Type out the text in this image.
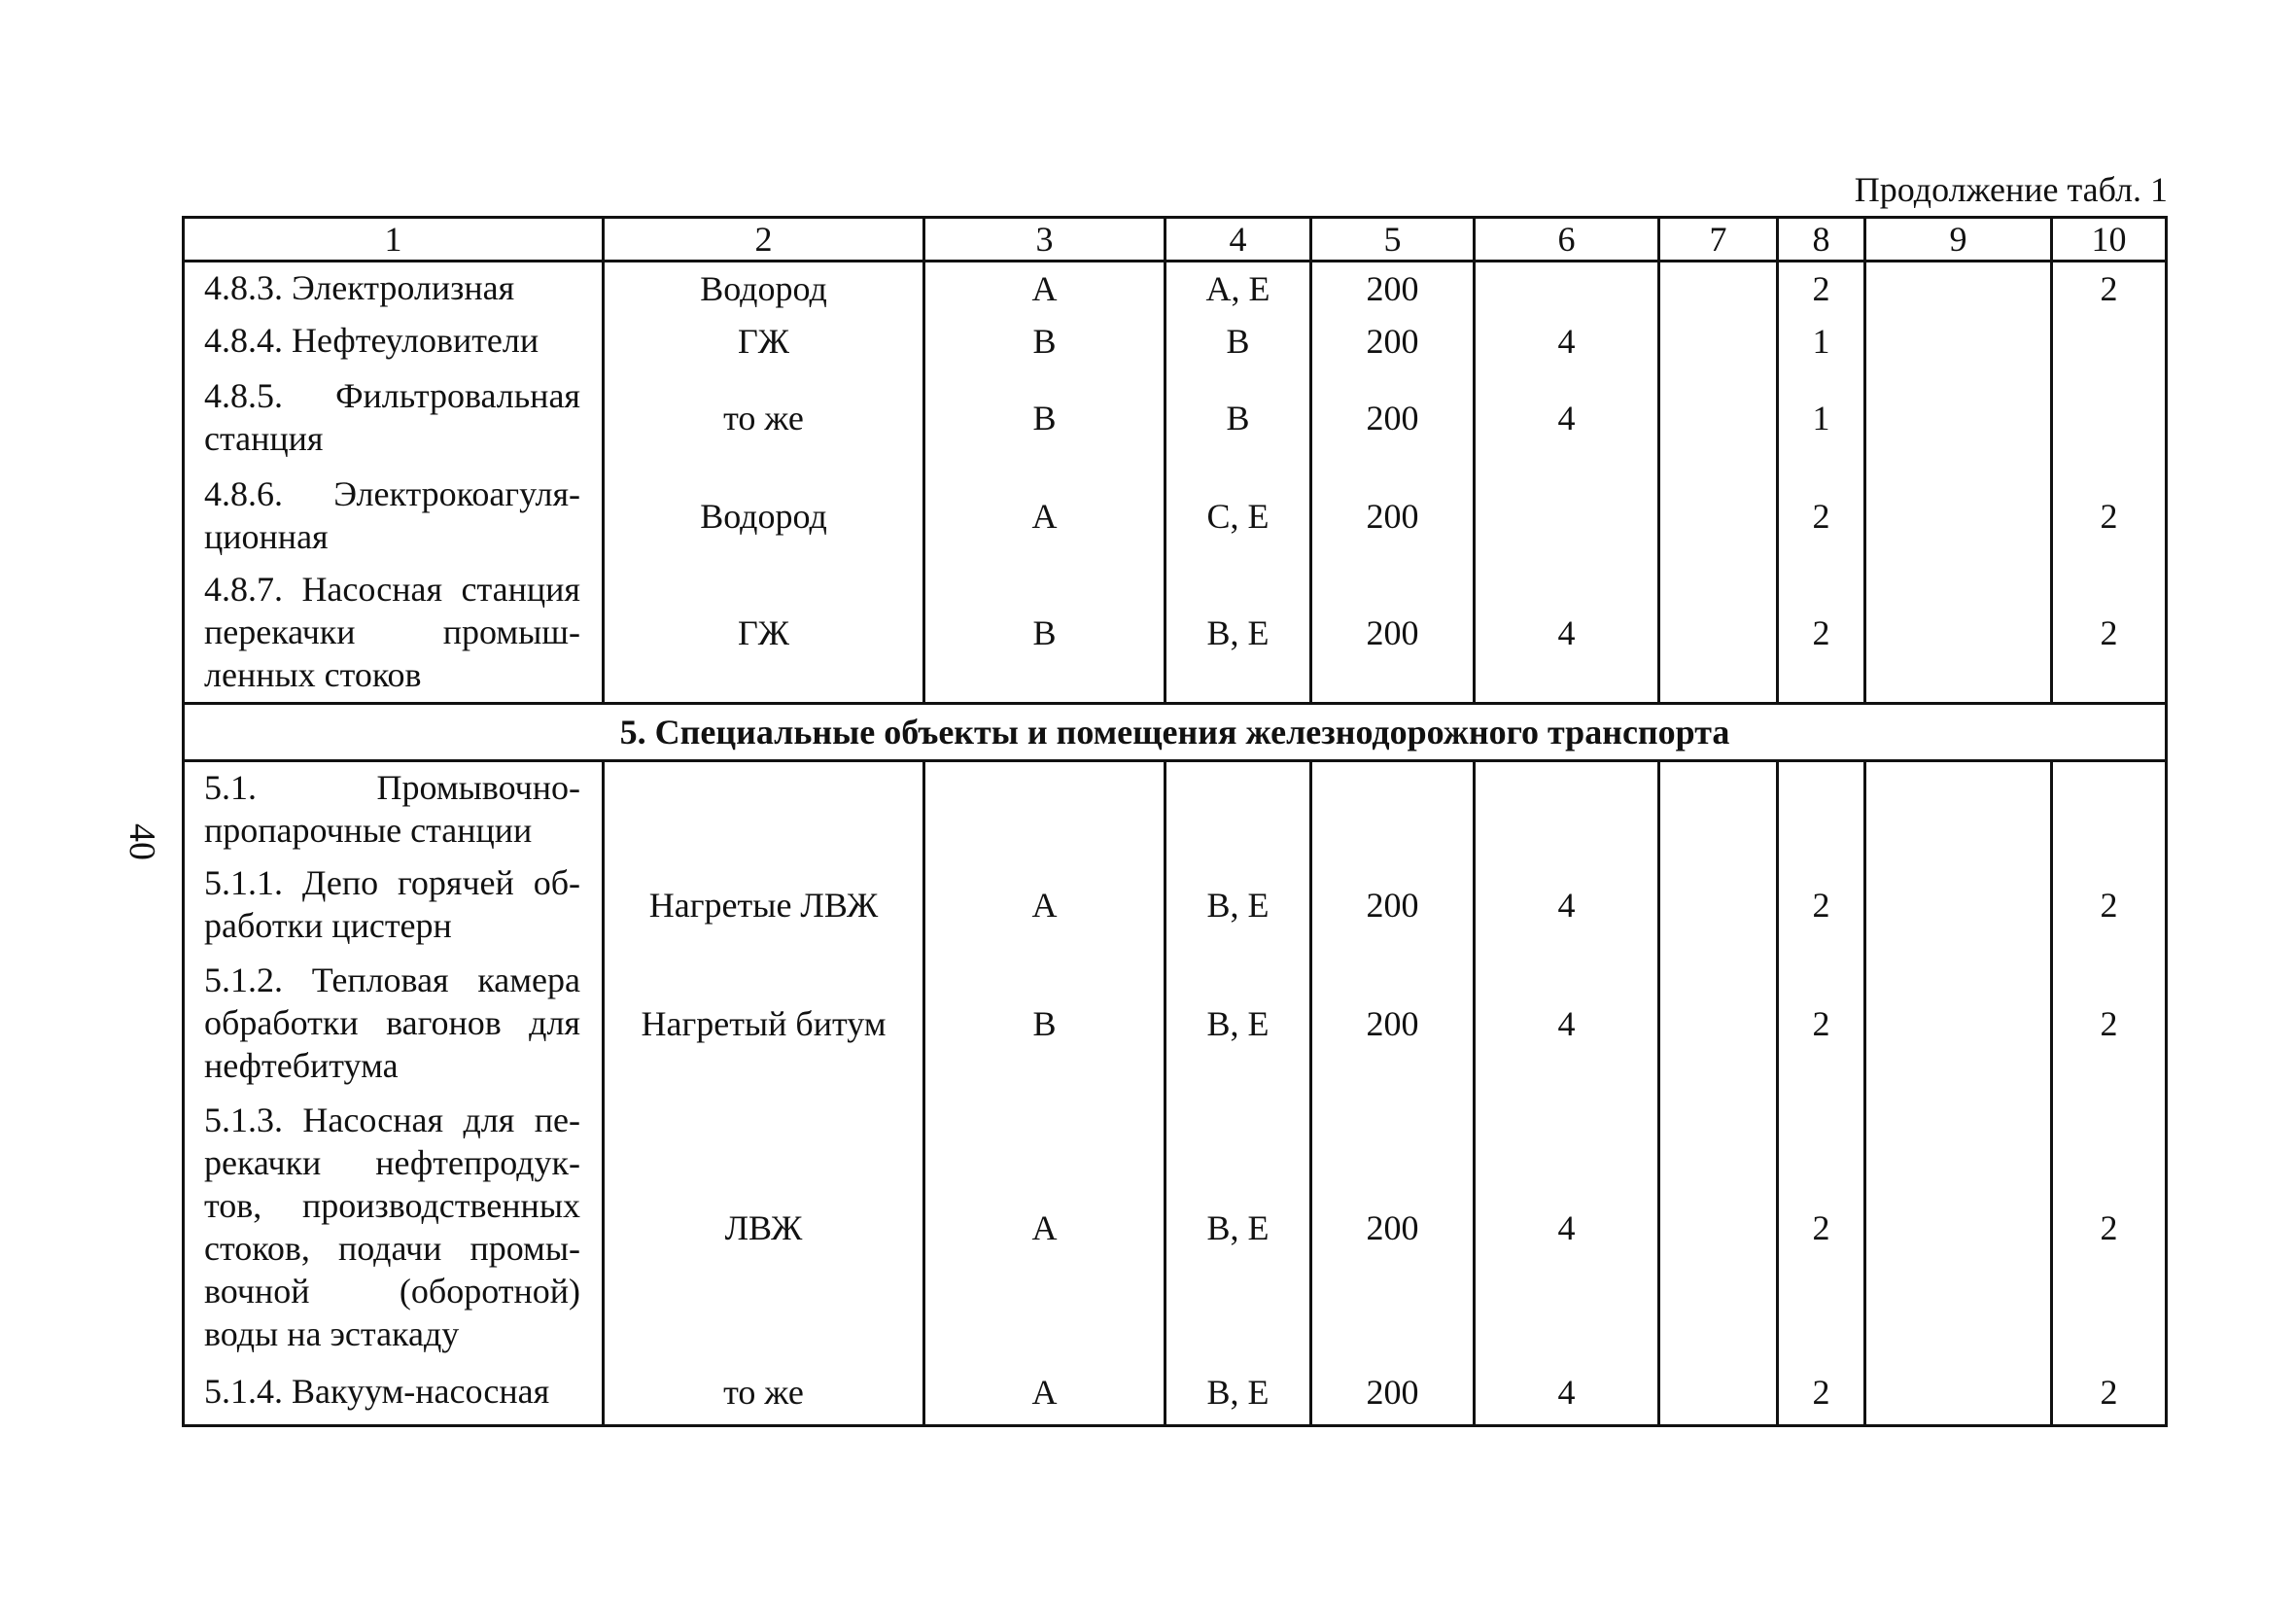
Продолжение табл. 1
40
1	2	3	4	5	6	7	8	9	10
4.8.3. Электролизная	Водород	А	А, Е	200			2		2
4.8.4. Нефтеуловители	ГЖ	В	В	200	4		1		
4.8.5. Фильтровальная станция	то же	В	В	200	4		1		
4.8.6. Электрокоагуля-ционная	Водород	А	С, Е	200			2		2
4.8.7. Насосная станция перекачки промыш-ленных стоков	ГЖ	В	В, Е	200	4		2		2
5. Специальные объекты и помещения железнодорожного транспорта									
5.1. Промывочно-пропарочные станции									
5.1.1. Депо горячей об-работки цистерн	Нагретые ЛВЖ	А	В, Е	200	4		2		2
5.1.2. Тепловая камера обработки вагонов для нефтебитума	Нагретый битум	В	В, Е	200	4		2		2
5.1.3. Насосная для пе-рекачки нефтепродук-тов, производственных стоков, подачи промы-вочной (оборотной) воды на эстакаду	ЛВЖ	А	В, Е	200	4		2		2
5.1.4. Вакуум-насосная	то же	А	В, Е	200	4		2		2
